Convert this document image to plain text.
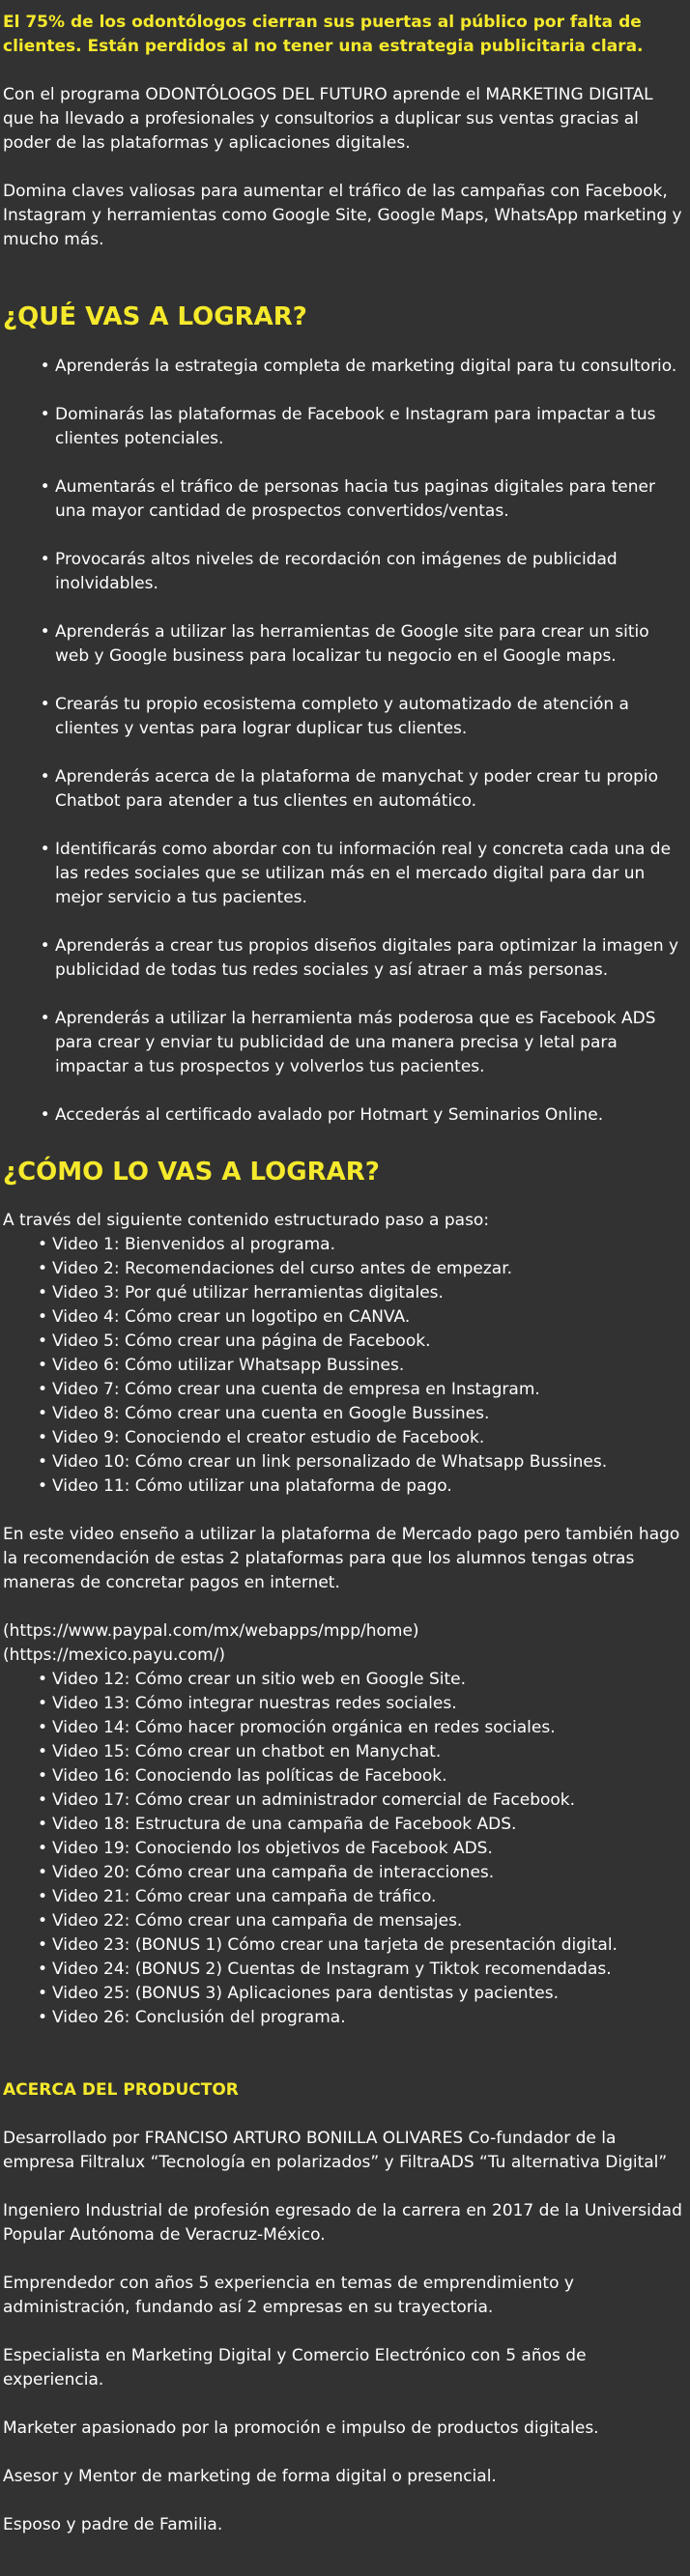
El 75% de los odontólogos cierran sus puertas al público por falta de clientes. Están perdidos al no tener una estrategia publicitaria clara.

Con el programa ODONTÓLOGOS DEL FUTURO aprende el MARKETING DIGITAL que ha llevado a profesionales y consultorios a duplicar sus ventas gracias al poder de las plataformas y aplicaciones digitales.

Domina claves valiosas para aumentar el tráfico de las campañas con Facebook, Instagram y herramientas como Google Site, Google Maps, WhatsApp marketing y mucho más.

¿QUÉ VAS A LOGRAR?
• Aprenderás la estrategia completa de marketing digital para tu consultorio.
• Dominarás las plataformas de Facebook e Instagram para impactar a tus clientes potenciales.
• Aumentarás el tráfico de personas hacia tus paginas digitales para tener una mayor cantidad de prospectos convertidos/ventas.
• Provocarás altos niveles de recordación con imágenes de publicidad inolvidables.
• Aprenderás a utilizar las herramientas de Google site para crear un sitio web y Google business para localizar tu negocio en el Google maps.
• Crearás tu propio ecosistema completo y automatizado de atención a clientes y ventas para lograr duplicar tus clientes.
• Aprenderás acerca de la plataforma de manychat y poder crear tu propio Chatbot para atender a tus clientes en automático.
• Identificarás como abordar con tu información real y concreta cada una de las redes sociales que se utilizan más en el mercado digital para dar un mejor servicio a tus pacientes.
• Aprenderás a crear tus propios diseños digitales para optimizar la imagen y publicidad de todas tus redes sociales y así atraer a más personas.
• Aprenderás a utilizar la herramienta más poderosa que es Facebook ADS para crear y enviar tu publicidad de una manera precisa y letal para impactar a tus prospectos y volverlos tus pacientes.
• Accederás al certificado avalado por Hotmart y Seminarios Online.
¿CÓMO LO VAS A LOGRAR?

A través del siguiente contenido estructurado paso a paso:

• Video 1: Bienvenidos al programa.
• Video 2: Recomendaciones del curso antes de empezar.
• Video 3: Por qué utilizar herramientas digitales.
• Video 4: Cómo crear un logotipo en CANVA.
• Video 5: Cómo crear una página de Facebook.
• Video 6: Cómo utilizar Whatsapp Bussines.
• Video 7: Cómo crear una cuenta de empresa en Instagram.
• Video 8: Cómo crear una cuenta en Google Bussines.
• Video 9: Conociendo el creator estudio de Facebook.
• Video 10: Cómo crear un link personalizado de Whatsapp Bussines.
• Video 11: Cómo utilizar una plataforma de pago.

En este video enseño a utilizar la plataforma de Mercado pago pero también hago la recomendación de estas 2 plataformas para que los alumnos tengas otras maneras de concretar pagos en internet.

(https://www.paypal.com/mx/webapps/mpp/home)
(https://mexico.payu.com/)
• Video 12: Cómo crear un sitio web en Google Site.
• Video 13: Cómo integrar nuestras redes sociales.
• Video 14: Cómo hacer promoción orgánica en redes sociales.
• Video 15: Cómo crear un chatbot en Manychat.
• Video 16: Conociendo las políticas de Facebook.
• Video 17: Cómo crear un administrador comercial de Facebook.
• Video 18: Estructura de una campaña de Facebook ADS.
• Video 19: Conociendo los objetivos de Facebook ADS.
• Video 20: Cómo crear una campaña de interacciones.
• Video 21: Cómo crear una campaña de tráfico.
• Video 22: Cómo crear una campaña de mensajes.
• Video 23: (BONUS 1) Cómo crear una tarjeta de presentación digital.
• Video 24: (BONUS 2) Cuentas de Instagram y Tiktok recomendadas.
• Video 25: (BONUS 3) Aplicaciones para dentistas y pacientes.
• Video 26: Conclusión del programa.
ACERCA DEL PRODUCTOR

Desarrollado por FRANCISO ARTURO BONILLA OLIVARES Co-fundador de la empresa Filtralux “Tecnología en polarizados” y FiltraADS “Tu alternativa Digital”

Ingeniero Industrial de profesión egresado de la carrera en 2017 de la Universidad Popular Autónoma de Veracruz-México.

Emprendedor con años 5 experiencia en temas de emprendimiento y administración, fundando así 2 empresas en su trayectoria.

Especialista en Marketing Digital y Comercio Electrónico con 5 años de experiencia.

Marketer apasionado por la promoción e impulso de productos digitales.

Asesor y Mentor de marketing de forma digital o presencial.

Esposo y padre de Familia.
